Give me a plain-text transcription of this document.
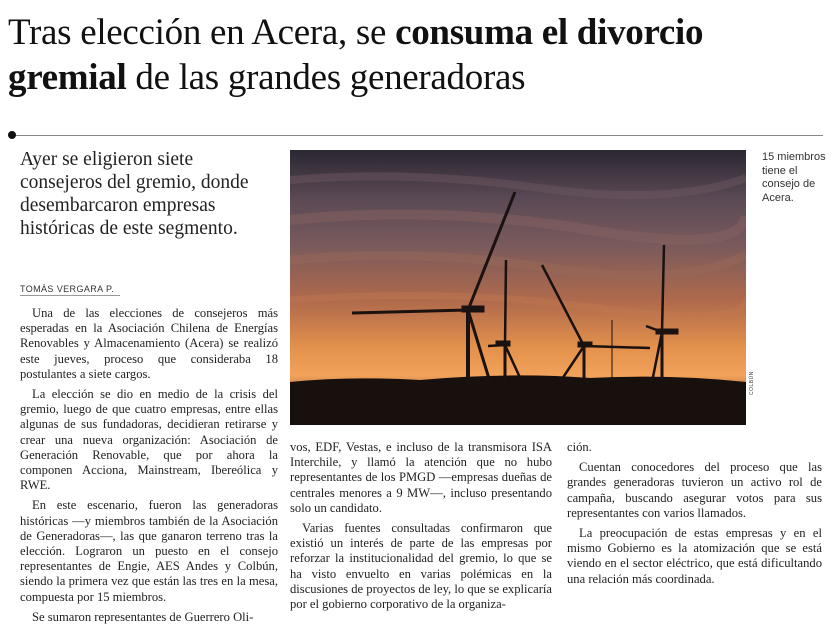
Tras elección en Acera, se consuma el divorcio
gremial de las grandes generadoras
Ayer se eligieron siete consejeros del gremio, donde desembarcaron empresas históricas de este segmento.
TOMÁS VERGARA P.

Una de las elecciones de consejeros más esperadas en la Asociación Chilena de Energías Renovables y Almacenamiento (Acera) se realizó este jueves, proceso que consideraba 18 postulantes a siete cargos.

La elección se dio en medio de la crisis del gremio, luego de que cuatro empresas, entre ellas algunas de sus fundadoras, decidieran retirarse y crear una nueva organización: Asociación de Generación Renovable, que por ahora la componen Acciona, Mainstream, Ibereólica y RWE.

En este escenario, fueron las generadoras históricas —y miembros también de la Asociación de Generadoras—, las que ganaron terreno tras la elección. Lograron un puesto en el consejo representantes de Engie, AES Andes y Colbún, siendo la primera vez que están las tres en la mesa, compuesta por 15 miembros.

Se sumaron representantes de Guerrero Oli-

COLBÚN
15 miembros tiene el consejo de Acera.

vos, EDF, Vestas, e incluso de la transmisora ISA Interchile, y llamó la atención que no hubo representantes de los PMGD —empresas dueñas de centrales menores a 9 MW—, incluso presentando solo un candidato.

Varias fuentes consultadas confirmaron que existió un interés de parte de las empresas por reforzar la institucionalidad del gremio, lo que se ha visto envuelto en varias polémicas en la discusiones de proyectos de ley, lo que se explicaría por el gobierno corporativo de la organiza-

ción.

Cuentan conocedores del proceso que las grandes generadoras tuvieron un activo rol de campaña, buscando asegurar votos para sus representantes con varios llamados.

La preocupación de estas empresas y en el mismo Gobierno es la atomización que se está viendo en el sector eléctrico, que está dificultando una relación más coordinada.
